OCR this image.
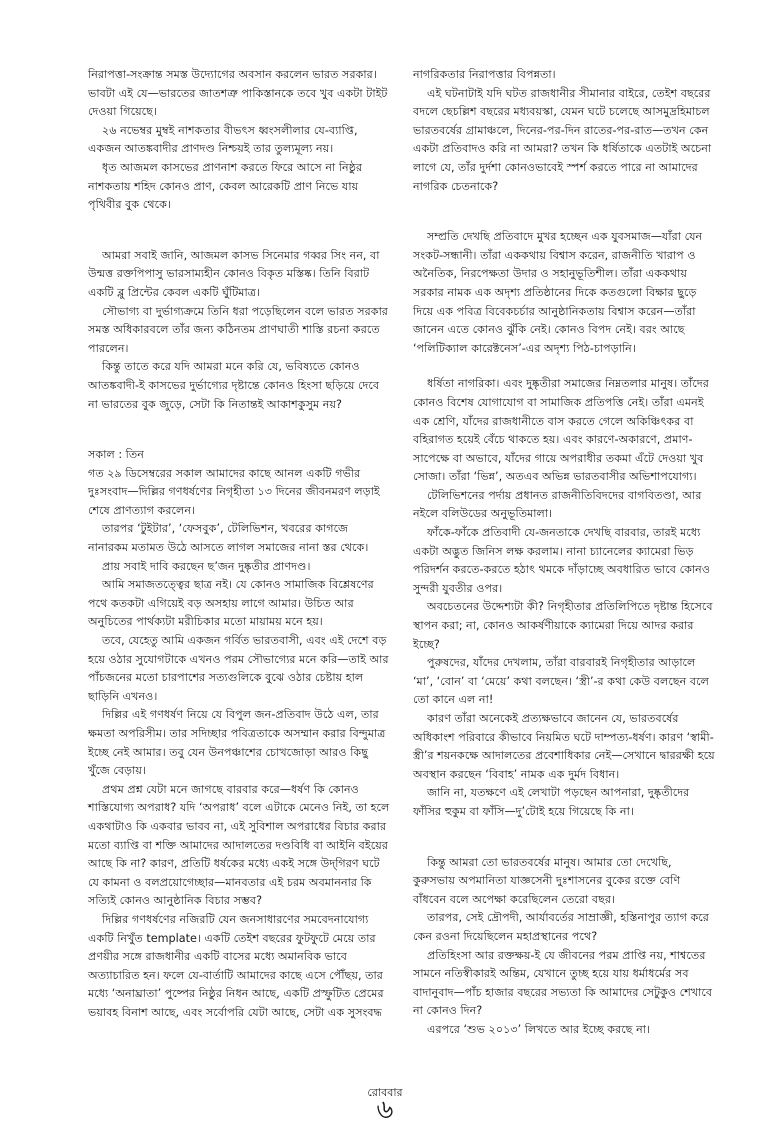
নিরাপত্তা-সংক্রান্ত সমস্ত উদ্যোগের অবসান করলেন ভারত সরকার। ভাবটা এই যে—ভারতের জাতশত্রু পাকিস্তানকে তবে খুব একটা টাইট দেওয়া গিয়েছে।

২৬ নভেম্বর মুম্বই নাশকতার বীভৎস ধ্বংসলীলার যে-ব্যাপ্তি, একজন আতঙ্কবাদীর প্রাণদণ্ড নিশ্চয়ই তার তুল্যমূল্য নয়।

ধৃত আজমল কাসভের প্রাণনাশ করতে ফিরে আসে না নিষ্ঠুর নাশকতায় শহিদ কোনও প্রাণ, কেবল আরেকটি প্রাণ নিভে যায় পৃথিবীর বুক থেকে।

আমরা সবাই জানি, আজমল কাসভ সিনেমার গব্বর সিং নন, বা উন্মত্ত রক্তপিপাসু ভারসাম্যহীন কোনও বিকৃত মস্তিষ্ক। তিনি বিরাট একটি ব্লু প্রিন্টের কেবল একটি ঘুঁটিমাত্র।

সৌভাগ্য বা দুর্ভাগ্যক্রমে তিনি ধরা পড়েছিলেন বলে ভারত সরকার সমস্ত অধিকারবলে তাঁর জন্য কঠিনতম প্রাণঘাতী শাস্তি রচনা করতে পারলেন।

কিন্তু তাতে করে যদি আমরা মনে করি যে, ভবিষ্যতে কোনও আতঙ্কবাদী-ই কাসভের দুর্ভাগ্যের দৃষ্টান্তে কোনও হিংসা ছড়িয়ে দেবে না ভারতের বুক জুড়ে, সেটা কি নিতান্তই আকাশকুসুম নয়?

সকাল : তিন

গত ২৯ ডিসেম্বরের সকাল আমাদের কাছে আনল একটি গভীর দুঃসংবাদ—দিল্লির গণধর্ষণের নিগৃহীতা ১৩ দিনের জীবনমরণ লড়াই শেষে প্রাণত্যাগ করলেন।

তারপর ‘টুইটার’, ‘ফেসবুক’, টেলিভিশন, খবরের কাগজে নানারকম মতামত উঠে আসতে লাগল সমাজের নানা স্তর থেকে।

প্রায় সবাই দাবি করছেন ছ’জন দুষ্কৃতীর প্রাণদণ্ড।

আমি সমাজতত্ত্বের ছাত্র নই। যে কোনও সামাজিক বিশ্লেষণের পথে কতকটা এগিয়েই বড় অসহায় লাগে আমার। উচিত আর অনুচিতের পার্থক্যটা মরীচিকার মতো মায়াময় মনে হয়।

তবে, যেহেতু আমি একজন গর্বিত ভারতবাসী, এবং এই দেশে বড় হয়ে ওঠার সুযোগটাকে এখনও পরম সৌভাগ্যের মনে করি—তাই আর পাঁচজনের মতো চারপাশের সত্যগুলিকে বুঝে ওঠার চেষ্টায় হাল ছাড়িনি এখনও।

দিল্লির এই গণধর্ষণ নিয়ে যে বিপুল জন-প্রতিবাদ উঠে এল, তার ক্ষমতা অপরিসীম। তার সদিচ্ছার পবিত্রতাকে অসম্মান করার বিন্দুমাত্র ইচ্ছে নেই আমার। তবু যেন উনপঞ্চাশের চোখজোড়া আরও কিছু খুঁজে বেড়ায়।

প্রথম প্রশ্ন যেটা মনে জাগছে বারবার করে—ধর্ষণ কি কোনও শাস্তিযোগ্য অপরাধ? যদি ‘অপরাধ’ বলে এটাকে মেনেও নিই, তা হলে একথাটাও কি একবার ভাবব না, এই সুবিশাল অপরাধের বিচার করার মতো ব্যাপ্তি বা শক্তি আমাদের আদালতের দণ্ডবিধি বা আইনি বইয়ের আছে কি না? কারণ, প্রতিটি ধর্ষকের মধ্যে একই সঙ্গে উদ্‌গিরণ ঘটে যে কামনা ও বলপ্রয়োগেচ্ছার—মানবতার এই চরম অবমাননার কি সত্যিই কোনও আনুষ্ঠানিক বিচার সম্ভব?

দিল্লির গণধর্ষণের নজিরটি যেন জনসাধারণের সমবেদনাযোগ্য একটি নিখুঁত template। একটি তেইশ বছরের ফুটফুটে মেয়ে তার প্রণয়ীর সঙ্গে রাজধানীর একটি বাসের মধ্যে অমানবিক ভাবে অত্যাচারিত হন। ফলে যে-বার্তাটি আমাদের কাছে এসে পৌঁছয়, তার মধ্যে ‘অনাঘ্রাতা’ পুষ্পের নিষ্ঠুর নিধন আছে, একটি প্রস্ফুটিত প্রেমের ভয়াবহ বিনাশ আছে, এবং সর্বোপরি যেটা আছে, সেটা এক সুসংবদ্ধ

নাগরিকতার নিরাপত্তার বিপন্নতা।

এই ঘটনাটাই যদি ঘটত রাজধানীর সীমানার বাইরে, তেইশ বছরের বদলে ছেচল্লিশ বছরের মধ্যবয়স্কা, যেমন ঘটে চলেছে আসমুদ্রহিমাচল ভারতবর্ষের গ্রামাঞ্চলে, দিনের-পর-দিন রাতের-পর-রাত—তখন কেন একটা প্রতিবাদও করি না আমরা? তখন কি ধর্ষিতাকে এতটাই অচেনা লাগে যে, তাঁর দুর্দশা কোনওভাবেই স্পর্শ করতে পারে না আমাদের নাগরিক চেতনাকে?

সম্প্রতি দেখছি প্রতিবাদে মুখর হচ্ছেন এক যুবসমাজ—যাঁরা যেন সংকট-সন্ধানী। তাঁরা এককথায় বিশ্বাস করেন, রাজনীতি খারাপ ও অনৈতিক, নিরপেক্ষতা উদার ও সহানুভূতিশীল। তাঁরা এককথায় সরকার নামক এক অদৃশ্য প্রতিষ্ঠানের দিকে কতগুলো বিক্ষার ছুড়ে দিয়ে এক পবিত্র বিবেকচর্চার আনুষ্ঠানিকতায় বিশ্বাস করেন—তাঁরা জানেন এতে কোনও ঝুঁকি নেই। কোনও বিপদ নেই। বরং আছে ‘পলিটিক্যাল কারেক্টনেস’-এর অদৃশ্য পিঠ-চাপড়ানি।

ধর্ষিতা নাগরিকা। এবং দুষ্কৃতীরা সমাজের নিম্নতলার মানুষ। তাঁদের কোনও বিশেষ যোগাযোগ বা সামাজিক প্রতিপত্তি নেই। তাঁরা এমনই এক শ্রেণি, যাঁদের রাজধানীতে বাস করতে গেলে অকিঞ্চিৎকর বা বহিরাগত হয়েই বেঁচে থাকতে হয়। এবং কারণে-অকারণে, প্রমাণ-সাপেক্ষে বা অভাবে, যাঁদের গায়ে অপরাধীর তকমা এঁটে দেওয়া খুব সোজা। তাঁরা ‘ভিন্ন’, অতএব অভিন্ন ভারতবাসীর অভিশাপযোগ্য।

টেলিভিশনের পর্দায় প্রধানত রাজনীতিবিদদের বাগবিতণ্ডা, আর নইলে বলিউডের অনুভূতিমালা।

ফাঁকে-ফাঁকে প্রতিবাদী যে-জনতাকে দেখছি বারবার, তারই মধ্যে একটা অদ্ভুত জিনিস লক্ষ করলাম। নানা চ্যানেলের ক্যামেরা ভিড় পরিদর্শন করতে-করতে হঠাৎ থমকে দাঁড়াচ্ছে অবধারিত ভাবে কোনও সুন্দরী যুবতীর ওপর।

অবচেতনের উদ্দেশ্যটা কী? নিগৃহীতার প্রতিলিপিতে দৃষ্টান্ত হিসেবে স্থাপন করা; না, কোনও আকর্ষণীয়াকে ক্যামেরা দিয়ে আদর করার ইচ্ছে?

পুরুষদের, যাঁদের দেখলাম, তাঁরা বারবারই নিগৃহীতার আড়ালে ‘মা’, ‘বোন’ বা ‘মেয়ে’ কথা বলছেন। ‘স্ত্রী’-র কথা কেউ বলছেন বলে তো কানে এল না!

কারণ তাঁরা অনেকেই প্রত্যক্ষভাবে জানেন যে, ভারতবর্ষের অধিকাংশ পরিবারে কীভাবে নিয়মিত ঘটে দাম্পত্য-ধর্ষণ। কারণ ‘স্বামী-স্ত্রী’র শয়নকক্ষে আদালতের প্রবেশাধিকার নেই—সেখানে দ্বাররক্ষী হয়ে অবস্থান করছেন ‘বিবাহ’ নামক এক দুর্মদ বিধান।

জানি না, যতক্ষণে এই লেখাটা পড়ছেন আপনারা, দুষ্কৃতীদের ফাঁসির হুকুম বা ফাঁসি—দু’টোই হয়ে গিয়েছে কি না।

কিন্তু আমরা তো ভারতবর্ষের মানুষ। আমার তো দেখেছি, কুরুসভায় অপমানিতা যাজ্ঞসেনী দুঃশাসনের বুকের রক্তে বেণি বাঁধবেন বলে অপেক্ষা করেছিলেন তেরো বছর।

তারপর, সেই দ্রৌপদী, আর্যাবর্তের সাম্রাজ্ঞী, হস্তিনাপুর ত্যাগ করে কেন রওনা দিয়েছিলেন মহাপ্রস্থানের পথে?

প্রতিহিংসা আর রক্তক্ষয়-ই যে জীবনের পরম প্রাপ্তি নয়, শাশ্বতের সামনে নতিস্বীকারই অন্তিম, যেখানে তুচ্ছ হয়ে যায় ধর্মাধর্মের সব বাদানুবাদ—পাঁচ হাজার বছরের সভ্যতা কি আমাদের সেটুকুও শেখাবে না কোনও দিন?

এরপরে ‘শুভ ২০১৩’ লিখতে আর ইচ্ছে করছে না।

রোববার
৬
